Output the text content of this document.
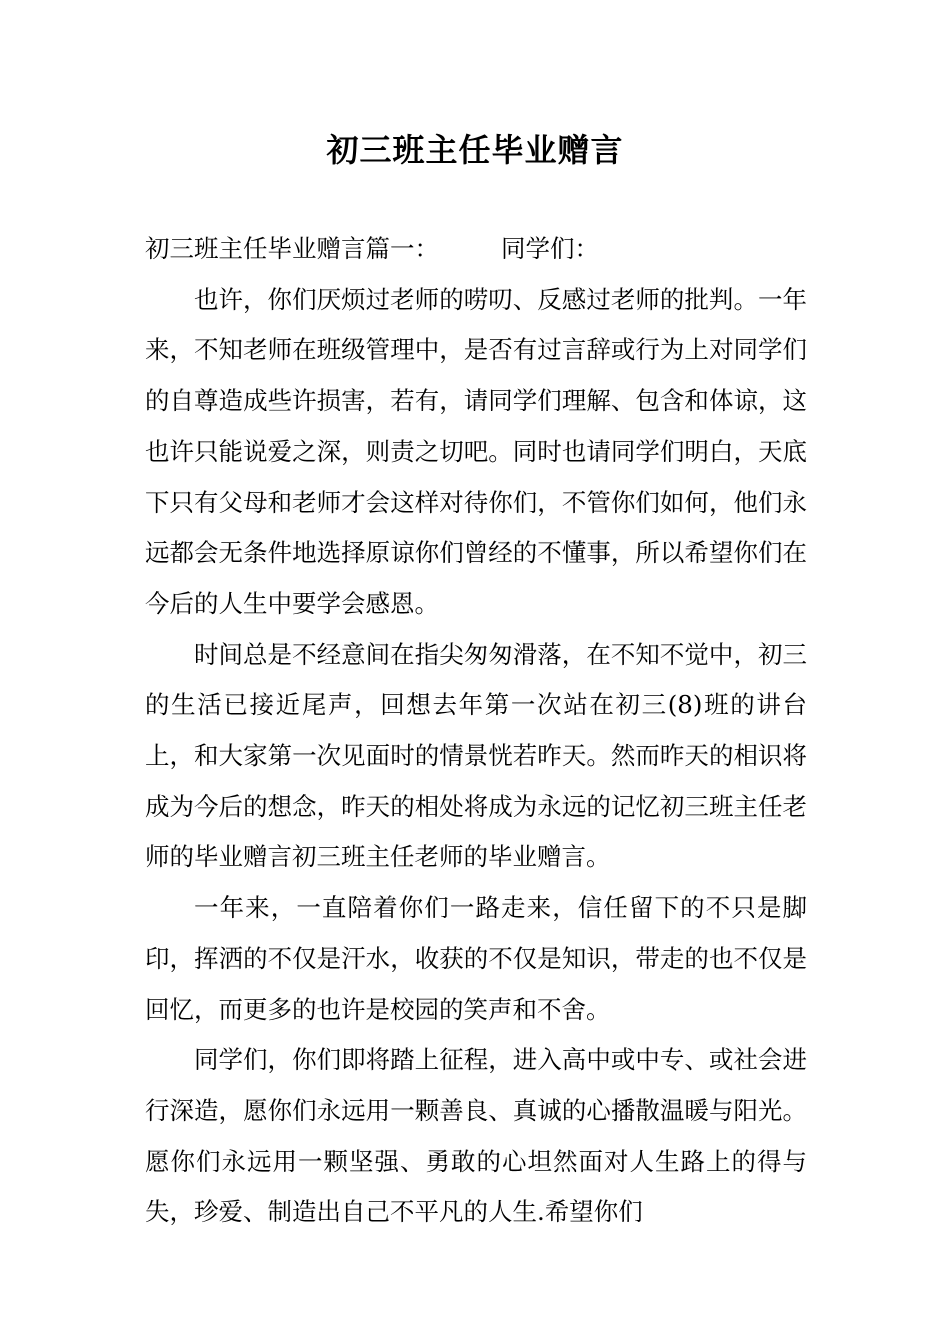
初三班主任毕业赠言

初三班主任毕业赠言篇一：	同学们：

也许，你们厌烦过老师的唠叨、反感过老师的批判。一年来，不知老师在班级管理中，是否有过言辞或行为上对同学们的自尊造成些许损害，若有，请同学们理解、包含和体谅，这也许只能说爱之深，则责之切吧。同时也请同学们明白，天底下只有父母和老师才会这样对待你们，不管你们如何，他们永远都会无条件地选择原谅你们曾经的不懂事，所以希望你们在今后的人生中要学会感恩。

时间总是不经意间在指尖匆匆滑落，在不知不觉中，初三的生活已接近尾声，回想去年第一次站在初三(8)班的讲台上，和大家第一次见面时的情景恍若昨天。然而昨天的相识将成为今后的想念，昨天的相处将成为永远的记忆初三班主任老师的毕业赠言初三班主任老师的毕业赠言。

一年来，一直陪着你们一路走来，信任留下的不只是脚印，挥洒的不仅是汗水，收获的不仅是知识，带走的也不仅是回忆，而更多的也许是校园的笑声和不舍。

同学们，你们即将踏上征程，进入高中或中专、或社会进行深造，愿你们永远用一颗善良、真诚的心播散温暖与阳光。愿你们永远用一颗坚强、勇敢的心坦然面对人生路上的得与失，珍爱、制造出自己不平凡的人生.希望你们
